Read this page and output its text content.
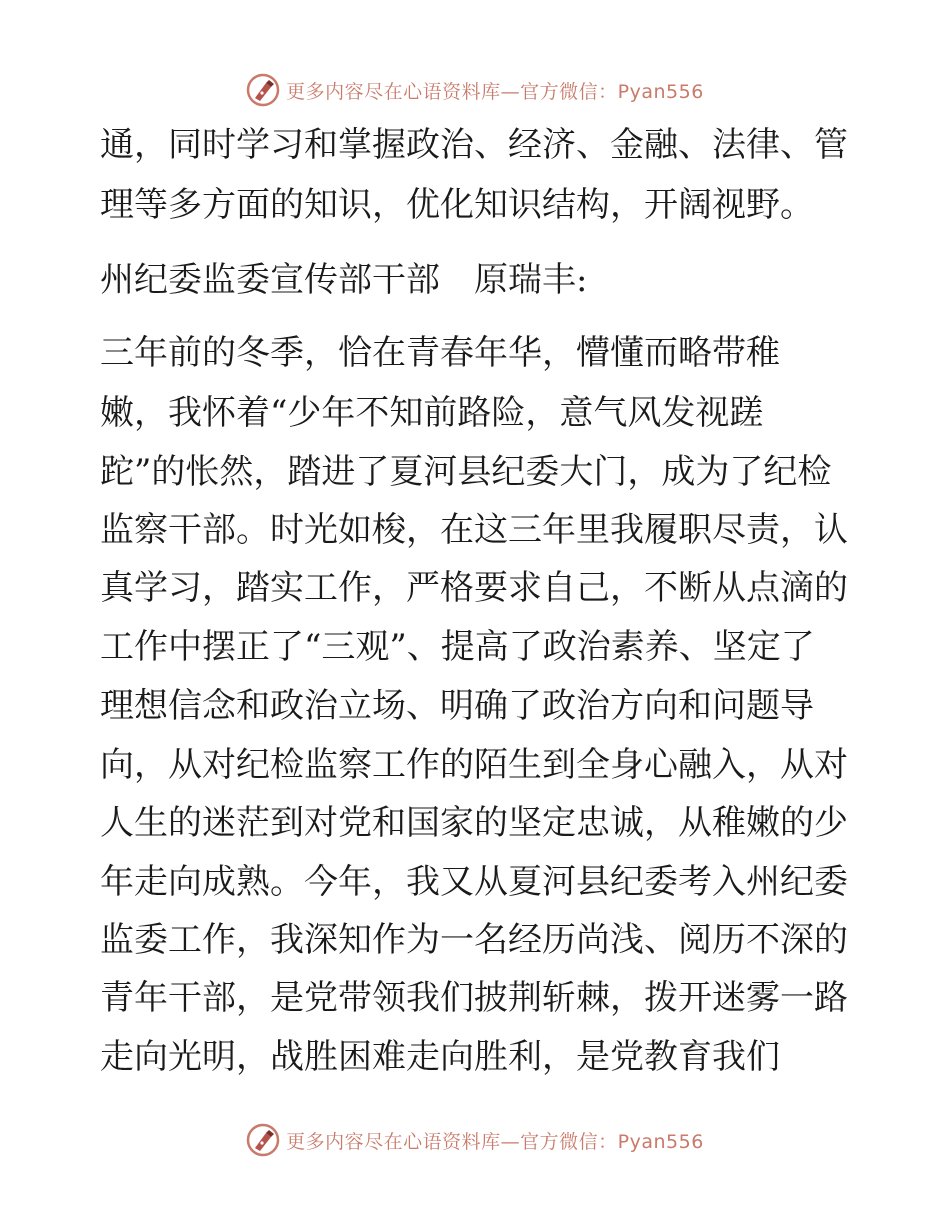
更多内容尽在心语资料库—官方微信：Pyan556
通，同时学习和掌握政治、经济、金融、法律、管
理等多方面的知识，优化知识结构，开阔视野。
州纪委监委宣传部干部　原瑞丰:
三年前的冬季，恰在青春年华，懵懂而略带稚
嫩，我怀着“少年不知前路险，意气风发视蹉
跎”的怅然，踏进了夏河县纪委大门，成为了纪检
监察干部。时光如梭，在这三年里我履职尽责，认
真学习，踏实工作，严格要求自己，不断从点滴的
工作中摆正了“三观”、提高了政治素养、坚定了
理想信念和政治立场、明确了政治方向和问题导
向，从对纪检监察工作的陌生到全身心融入，从对
人生的迷茫到对党和国家的坚定忠诚，从稚嫩的少
年走向成熟。今年，我又从夏河县纪委考入州纪委
监委工作，我深知作为一名经历尚浅、阅历不深的
青年干部，是党带领我们披荆斩棘，拨开迷雾一路
走向光明，战胜困难走向胜利，是党教育我们
更多内容尽在心语资料库—官方微信：Pyan556
